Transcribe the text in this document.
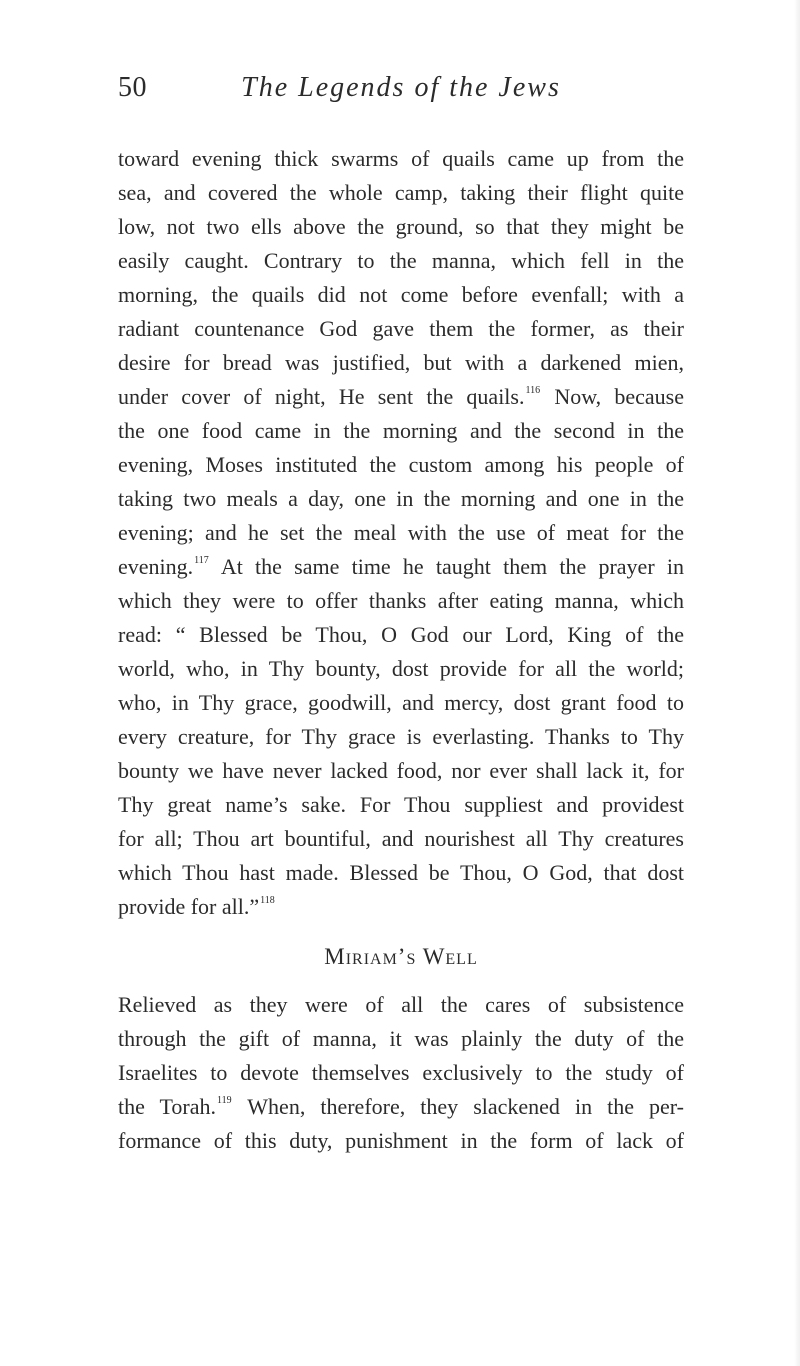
50	The Legends of the Jews
toward evening thick swarms of quails came up from the
sea, and covered the whole camp, taking their flight quite
low, not two ells above the ground, so that they might be
easily caught. Contrary to the manna, which fell in the
morning, the quails did not come before evenfall; with a
radiant countenance God gave them the former, as their
desire for bread was justified, but with a darkened mien,
under cover of night, He sent the quails.$^{116}$ Now, because
the one food came in the morning and the second in the
evening, Moses instituted the custom among his people of
taking two meals a day, one in the morning and one in the
evening; and he set the meal with the use of meat for the
evening.$^{117}$ At the same time he taught them the prayer in
which they were to offer thanks after eating manna, which
read: “ Blessed be Thou, O God our Lord, King of the
world, who, in Thy bounty, dost provide for all the world;
who, in Thy grace, goodwill, and mercy, dost grant food to
every creature, for Thy grace is everlasting. Thanks to Thy
bounty we have never lacked food, nor ever shall lack it, for
Thy great name’s sake. For Thou suppliest and providest
for all; Thou art bountiful, and nourishest all Thy creatures
which Thou hast made. Blessed be Thou, O God, that dost
provide for all.”$^{118}$
Miriam’s Well
Relieved as they were of all the cares of subsistence
through the gift of manna, it was plainly the duty of the
Israelites to devote themselves exclusively to the study of
the Torah.$^{119}$ When, therefore, they slackened in the per-
formance of this duty, punishment in the form of lack of
